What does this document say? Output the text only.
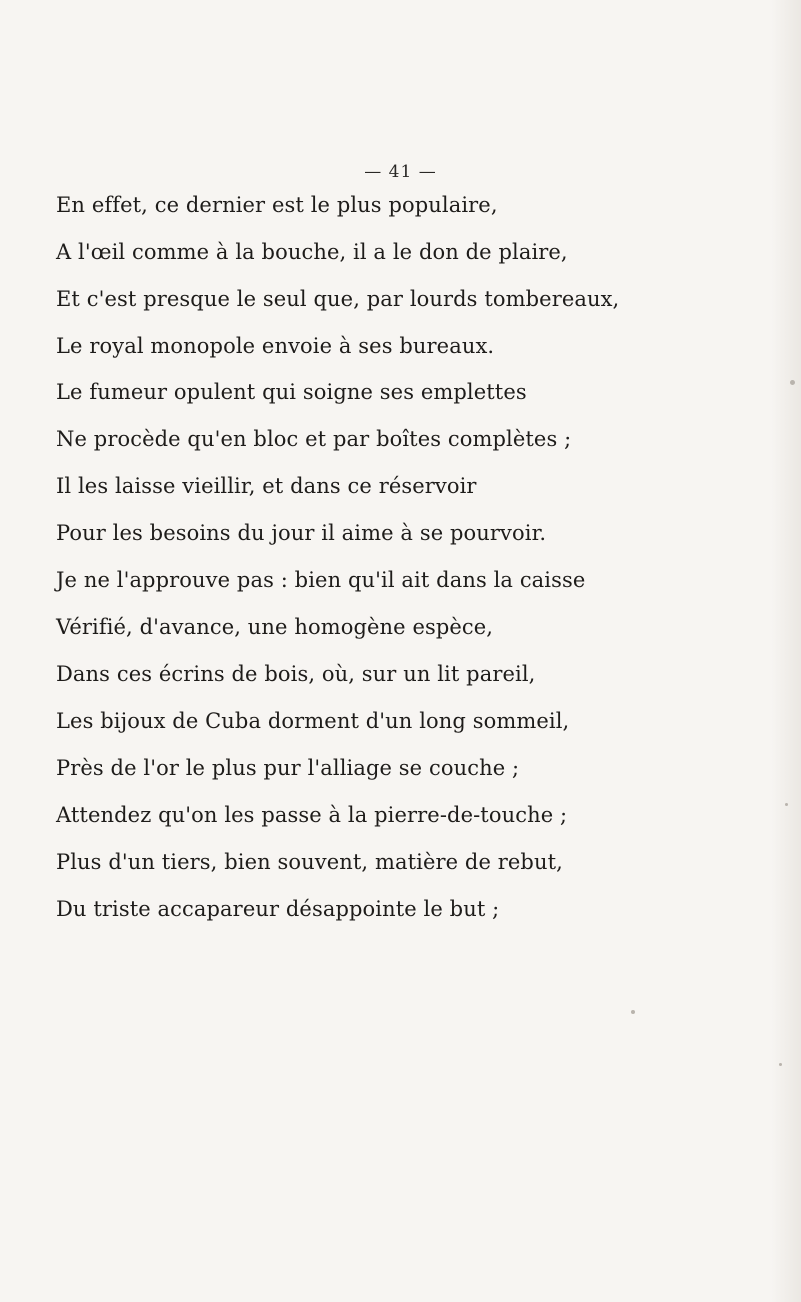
— 41 —
En effet, ce dernier est le plus populaire,
A l'œil comme à la bouche, il a le don de plaire,
Et c'est presque le seul que, par lourds tombereaux,
Le royal monopole envoie à ses bureaux.
Le fumeur opulent qui soigne ses emplettes
Ne procède qu'en bloc et par boîtes complètes ;
Il les laisse vieillir, et dans ce réservoir
Pour les besoins du jour il aime à se pourvoir.
Je ne l'approuve pas : bien qu'il ait dans la caisse
Vérifié, d'avance, une homogène espèce,
Dans ces écrins de bois, où, sur un lit pareil,
Les bijoux de Cuba dorment d'un long sommeil,
Près de l'or le plus pur l'alliage se couche ;
Attendez qu'on les passe à la pierre-de-touche ;
Plus d'un tiers, bien souvent, matière de rebut,
Du triste accapareur désappointe le but ;
